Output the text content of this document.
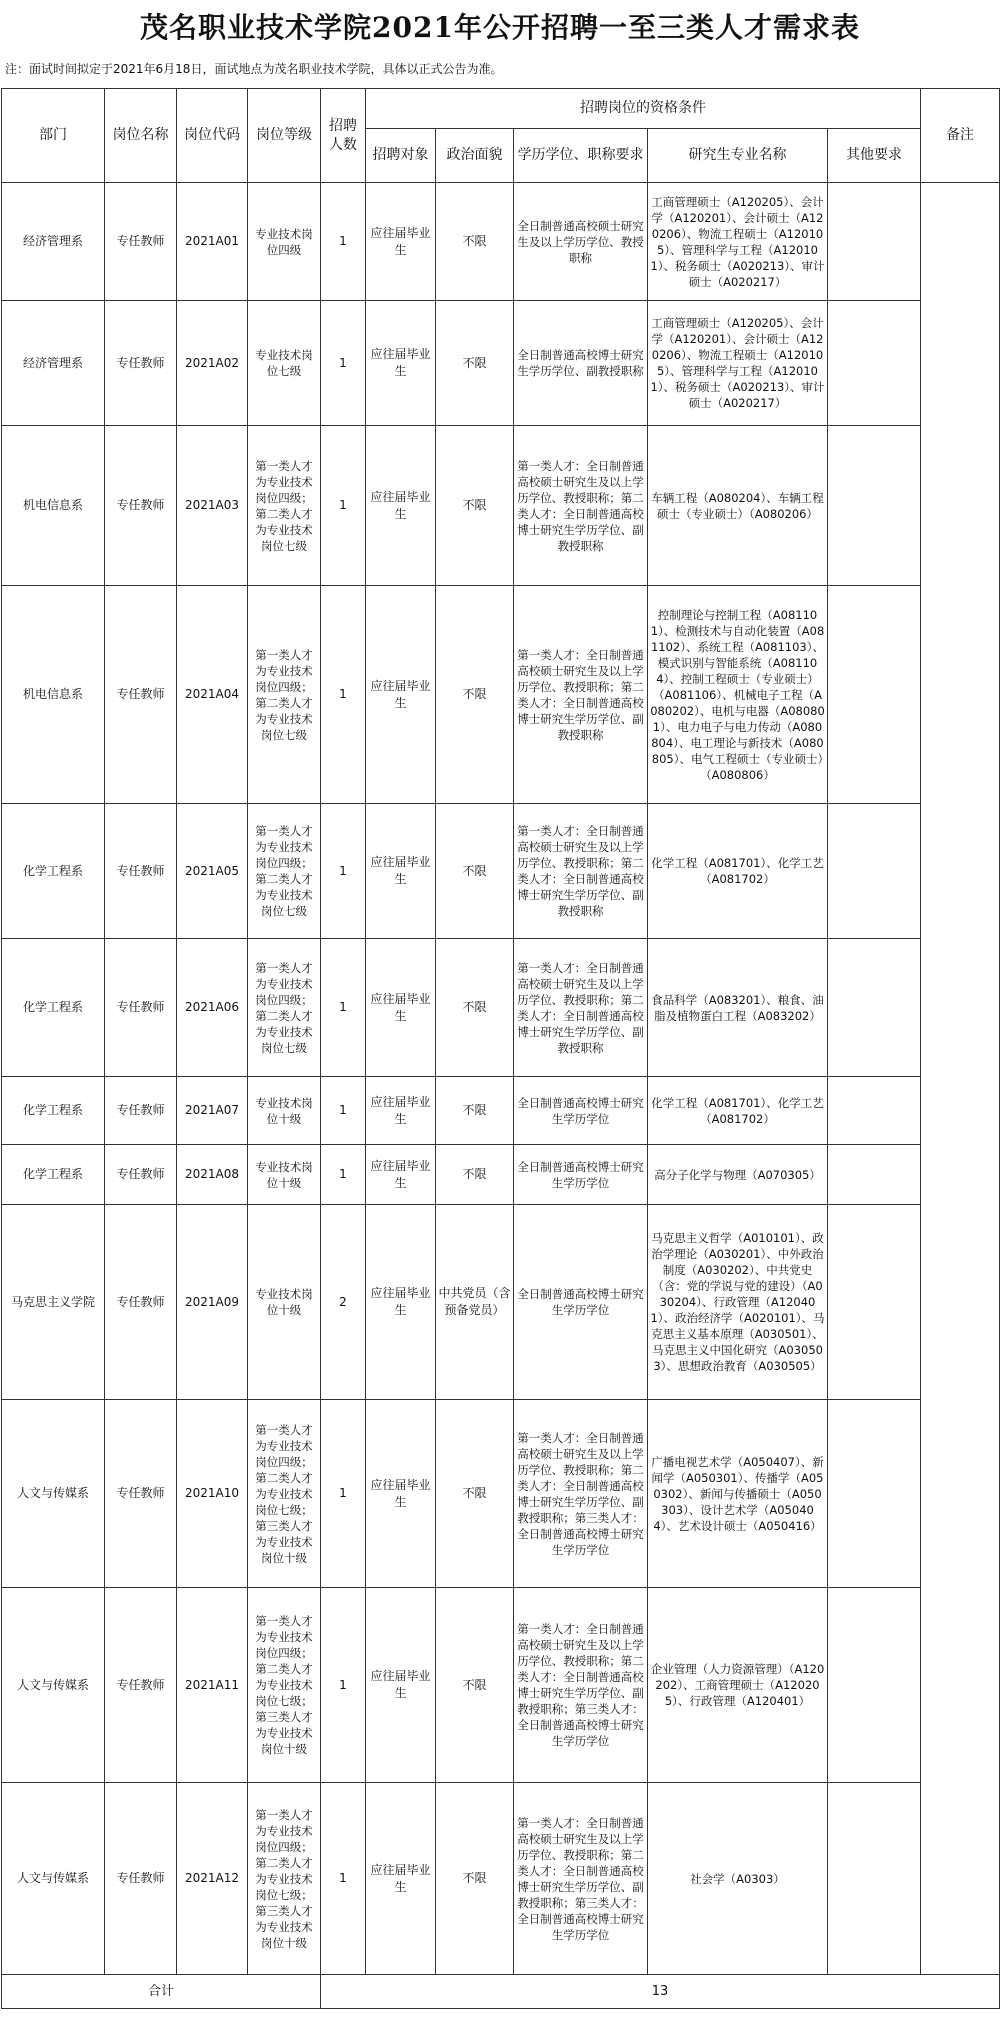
茂名职业技术学院2021年公开招聘一至三类人才需求表
注：面试时间拟定于2021年6月18日，面试地点为茂名职业技术学院，具体以正式公告为准。
部门	岗位名称	岗位代码	岗位等级	招聘人数	招聘岗位的资格条件					备注
					招聘对象	政治面貌	学历学位、职称要求	研究生专业名称	其他要求	
经济管理系	专任教师	2021A01	专业技术岗位四级	1	应往届毕业生	不限	全日制普通高校硕士研究生及以上学历学位、教授职称	工商管理硕士（A120205）、会计学（A120201）、会计硕士（A120206）、物流工程硕士（A120105）、管理科学与工程（A120101）、税务硕士（A020213）、审计硕士（A020217）		
经济管理系	专任教师	2021A02	专业技术岗位七级	1	应往届毕业生	不限	全日制普通高校博士研究生学历学位、副教授职称	工商管理硕士（A120205）、会计学（A120201）、会计硕士（A120206）、物流工程硕士（A120105）、管理科学与工程（A120101）、税务硕士（A020213）、审计硕士（A020217）		
机电信息系	专任教师	2021A03	第一类人才为专业技术岗位四级；第二类人才为专业技术岗位七级	1	应往届毕业生	不限	第一类人才：全日制普通高校硕士研究生及以上学历学位、教授职称；第二类人才：全日制普通高校博士研究生学历学位、副教授职称	车辆工程（A080204）、车辆工程硕士（专业硕士）（A080206）		
机电信息系	专任教师	2021A04	第一类人才为专业技术岗位四级；第二类人才为专业技术岗位七级	1	应往届毕业生	不限	第一类人才：全日制普通高校硕士研究生及以上学历学位、教授职称；第二类人才：全日制普通高校博士研究生学历学位、副教授职称	控制理论与控制工程（A081101）、检测技术与自动化装置（A081102）、系统工程（A081103）、模式识别与智能系统（A081104）、控制工程硕士（专业硕士）（A081106）、机械电子工程（A080202）、电机与电器（A080801）、电力电子与电力传动（A080804）、电工理论与新技术（A080805）、电气工程硕士（专业硕士）（A080806）		
化学工程系	专任教师	2021A05	第一类人才为专业技术岗位四级；第二类人才为专业技术岗位七级	1	应往届毕业生	不限	第一类人才：全日制普通高校硕士研究生及以上学历学位、教授职称；第二类人才：全日制普通高校博士研究生学历学位、副教授职称	化学工程（A081701）、化学工艺（A081702）		
化学工程系	专任教师	2021A06	第一类人才为专业技术岗位四级；第二类人才为专业技术岗位七级	1	应往届毕业生	不限	第一类人才：全日制普通高校硕士研究生及以上学历学位、教授职称；第二类人才：全日制普通高校博士研究生学历学位、副教授职称	食品科学（A083201）、粮食、油脂及植物蛋白工程（A083202）		
化学工程系	专任教师	2021A07	专业技术岗位十级	1	应往届毕业生	不限	全日制普通高校博士研究生学历学位	化学工程（A081701）、化学工艺（A081702）		
化学工程系	专任教师	2021A08	专业技术岗位十级	1	应往届毕业生	不限	全日制普通高校博士研究生学历学位	高分子化学与物理（A070305）		
马克思主义学院	专任教师	2021A09	专业技术岗位十级	2	应往届毕业生	中共党员（含预备党员）	全日制普通高校博士研究生学历学位	马克思主义哲学（A010101）、政治学理论（A030201）、中外政治制度（A030202）、中共党史（含：党的学说与党的建设）（A030204）、行政管理（A120401）、政治经济学（A020101）、马克思主义基本原理（A030501）、马克思主义中国化研究（A030503）、思想政治教育（A030505）		
人文与传媒系	专任教师	2021A10	第一类人才为专业技术岗位四级；第二类人才为专业技术岗位七级；第三类人才为专业技术岗位十级	1	应往届毕业生	不限	第一类人才：全日制普通高校硕士研究生及以上学历学位、教授职称；第二类人才：全日制普通高校博士研究生学历学位、副教授职称；第三类人才：全日制普通高校博士研究生学历学位	广播电视艺术学（A050407）、新闻学（A050301）、传播学（A050302）、新闻与传播硕士（A050303）、设计艺术学（A050404）、艺术设计硕士（A050416）		
人文与传媒系	专任教师	2021A11	第一类人才为专业技术岗位四级；第二类人才为专业技术岗位七级；第三类人才为专业技术岗位十级	1	应往届毕业生	不限	第一类人才：全日制普通高校硕士研究生及以上学历学位、教授职称；第二类人才：全日制普通高校博士研究生学历学位、副教授职称；第三类人才：全日制普通高校博士研究生学历学位	企业管理（人力资源管理）（A120202）、工商管理硕士（A120205）、行政管理（A120401）		
人文与传媒系	专任教师	2021A12	第一类人才为专业技术岗位四级；第二类人才为专业技术岗位七级；第三类人才为专业技术岗位十级	1	应往届毕业生	不限	第一类人才：全日制普通高校硕士研究生及以上学历学位、教授职称；第二类人才：全日制普通高校博士研究生学历学位、副教授职称；第三类人才：全日制普通高校博士研究生学历学位	社会学（A0303）		
合计				13						
